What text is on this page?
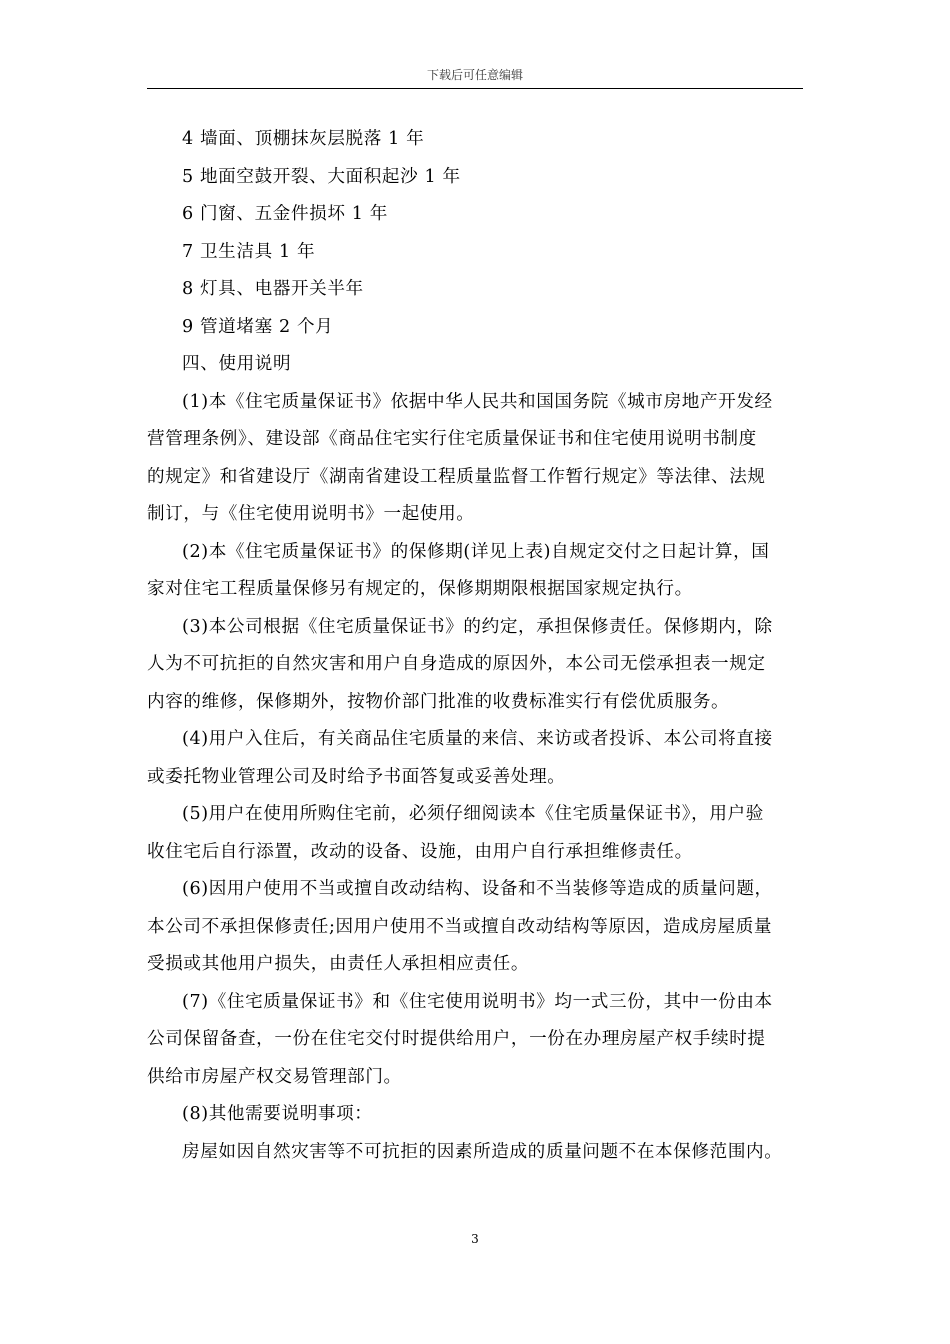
下载后可任意编辑
4 墙面、顶棚抹灰层脱落 1 年
5 地面空鼓开裂、大面积起沙 1 年
6 门窗、五金件损坏 1 年
7 卫生洁具 1 年
8 灯具、电器开关半年
9 管道堵塞 2 个月
四、使用说明
(1)本《住宅质量保证书》依据中华人民共和国国务院《城市房地产开发经
营管理条例》、建设部《商品住宅实行住宅质量保证书和住宅使用说明书制度
的规定》和省建设厅《湖南省建设工程质量监督工作暂行规定》等法律、法规
制订，与《住宅使用说明书》一起使用。
(2)本《住宅质量保证书》的保修期(详见上表)自规定交付之日起计算，国
家对住宅工程质量保修另有规定的，保修期期限根据国家规定执行。
(3)本公司根据《住宅质量保证书》的约定，承担保修责任。保修期内，除
人为不可抗拒的自然灾害和用户自身造成的原因外，本公司无偿承担表一规定
内容的维修，保修期外，按物价部门批准的收费标准实行有偿优质服务。
(4)用户入住后，有关商品住宅质量的来信、来访或者投诉、本公司将直接
或委托物业管理公司及时给予书面答复或妥善处理。
(5)用户在使用所购住宅前，必须仔细阅读本《住宅质量保证书》，用户验
收住宅后自行添置，改动的设备、设施，由用户自行承担维修责任。
(6)因用户使用不当或擅自改动结构、设备和不当装修等造成的质量问题，
本公司不承担保修责任;因用户使用不当或擅自改动结构等原因，造成房屋质量
受损或其他用户损失，由责任人承担相应责任。
(7)《住宅质量保证书》和《住宅使用说明书》均一式三份，其中一份由本
公司保留备查，一份在住宅交付时提供给用户，一份在办理房屋产权手续时提
供给市房屋产权交易管理部门。
(8)其他需要说明事项：
房屋如因自然灾害等不可抗拒的因素所造成的质量问题不在本保修范围内。
3
